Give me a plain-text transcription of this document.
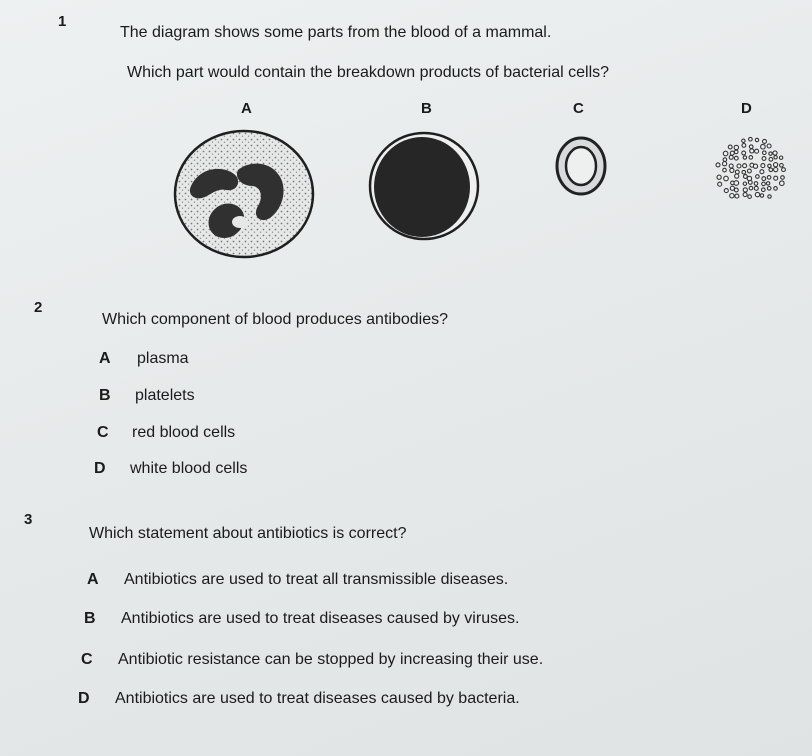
1
The diagram shows some parts from the blood of a mammal.
Which part would contain the breakdown products of bacterial cells?
A	B	C	D
2
Which component of blood produces antibodies?
A plasma
B platelets
C red blood cells
D white blood cells
3
Which statement about antibiotics is correct?
A Antibiotics are used to treat all transmissible diseases.
B Antibiotics are used to treat diseases caused by viruses.
C Antibiotic resistance can be stopped by increasing their use.
D Antibiotics are used to treat diseases caused by bacteria.
